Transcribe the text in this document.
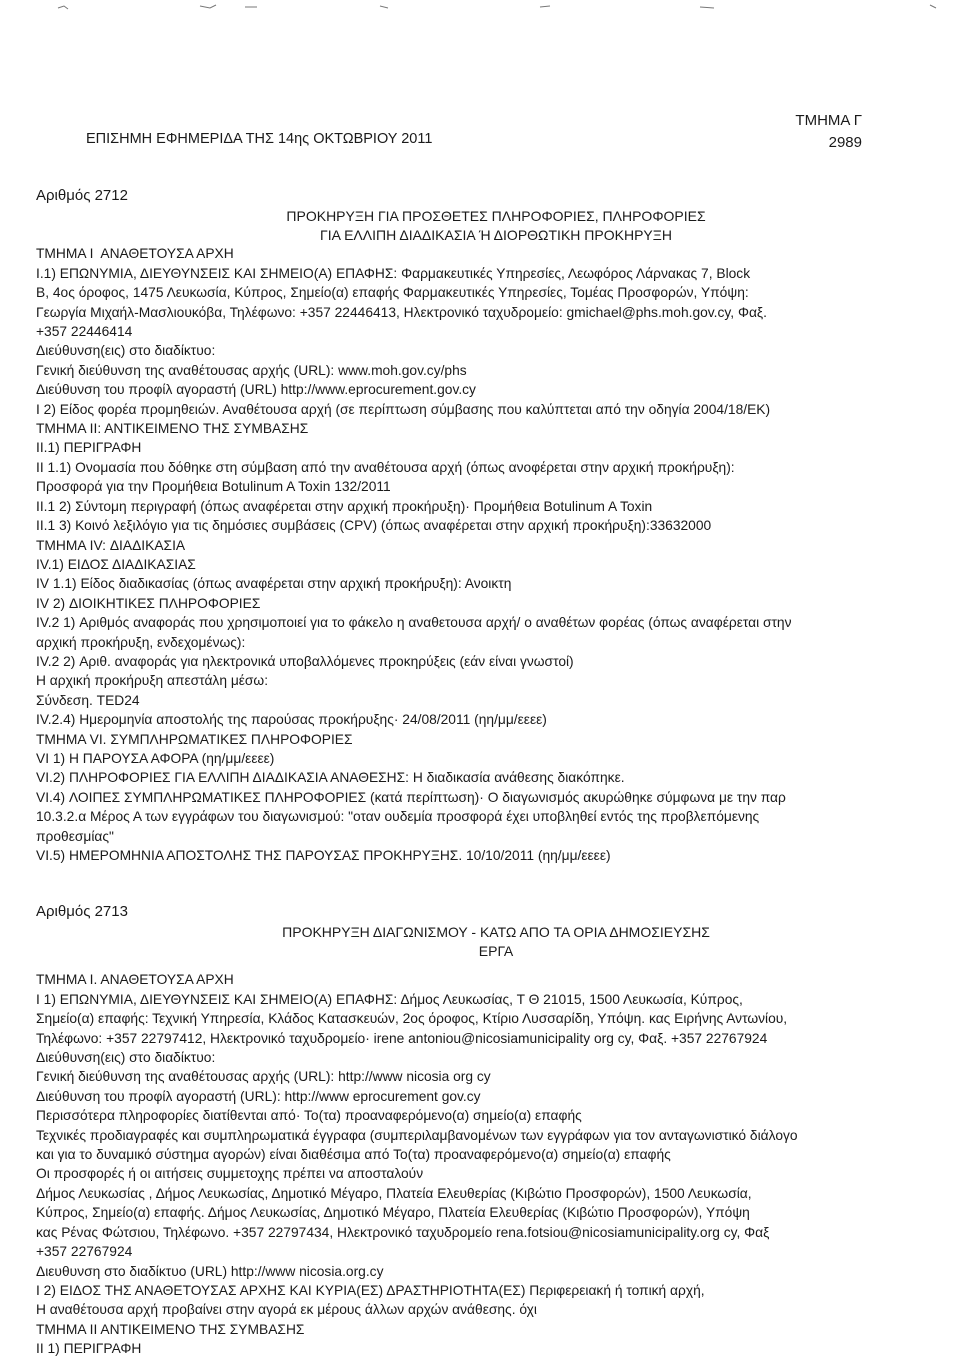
ΤΜΗΜΑ Γ
2989
ΕΠΙΣΗΜΗ ΕΦΗΜΕΡΙΔΑ ΤΗΣ 14ης ΟΚΤΩΒΡΙΟΥ 2011

Αριθμός 2712

ΠΡΟΚΗΡΥΞΗ ΓΙΑ ΠΡΟΣΘΕΤΕΣ ΠΛΗΡΟΦΟΡΙΕΣ, ΠΛΗΡΟΦΟΡΙΕΣ

ΓΙΑ ΕΛΛΙΠΗ ΔΙΑΔΙΚΑΣΙΑ Ή ΔΙΟΡΘΩΤΙΚΗ ΠΡΟΚΗΡΥΞΗ

ΤΜΗΜΑ Ι  ΑΝΑΘΕΤΟΥΣΑ ΑΡΧΗ

Ι.1) ΕΠΩΝΥΜΙΑ, ΔΙΕΥΘΥΝΣΕΙΣ ΚΑΙ ΣΗΜΕΙΟ(Α) ΕΠΑΦΗΣ: Φαρμακευτικές Υπηρεσίες, Λεωφόρος Λάρνακας 7, Block

B, 4ος όροφος, 1475 Λευκωσία, Κύπρος, Σημείο(α) επαφής Φαρμακευτικές Υπηρεσίες, Τομέας Προσφορών, Υπόψη:

Γεωργία Μιχαήλ-Μασλιουκόβα, Τηλέφωνο: +357 22446413, Ηλεκτρονικό ταχυδρομείο: gmichael@phs.moh.gov.cy, Φαξ.

+357 22446414

Διεύθυνση(εις) στο διαδίκτυο:

Γενική διεύθυνση της αναθέτουσας αρχής (URL): www.moh.gov.cy/phs

Διεύθυνση του προφίλ αγοραστή (URL) http://www.eprocurement.gov.cy

Ι 2) Είδος φορέα προμηθειών. Αναθέτουσα αρχή (σε περίπτωση σύμβασης που καλύπτεται από την οδηγία 2004/18/ΕΚ)

ΤΜΗΜΑ ΙΙ: ΑΝΤΙΚΕΙΜΕΝΟ ΤΗΣ ΣΥΜΒΑΣΗΣ

ΙΙ.1) ΠΕΡΙΓΡΑΦΗ

ΙΙ 1.1) Ονομασία που δόθηκε στη σύμβαση από την αναθέτουσα αρχή (όπως ανοφέρεται στην αρχική προκήρυξη):

Προσφορά για την Προμήθεια Botulinum A Toxin 132/2011

ΙΙ.1 2) Σύντομη περιγραφή (όπως αναφέρεται στην αρχική προκήρυξη)· Προμήθεια Botulinum A Toxin

ΙΙ.1 3) Κοινό λεξιλόγιο για τις δημόσιες συμβάσεις (CPV) (όπως αναφέρεται στην αρχική προκήρυξη):33632000

ΤΜΗΜΑ ΙV: ΔΙΑΔΙΚΑΣΙΑ

ΙV.1) ΕΙΔΟΣ ΔΙΑΔΙΚΑΣΙΑΣ

ΙV 1.1) Είδος διαδικασίας (όπως αναφέρεται στην αρχική προκήρυξη): Ανοικτη

ΙV 2) ΔΙΟΙΚΗΤΙΚΕΣ ΠΛΗΡΟΦΟΡΙΕΣ

ΙV.2 1) Αριθμός αναφοράς που χρησιμοποιεί για το φάκελο η αναθετουσα αρχή/ ο αναθέτων φορέας (όπως αναφέρεται στην

αρχική προκήρυξη, ενδεχομένως):

ΙV.2 2) Αριθ. αναφοράς για ηλεκτρονικά υποβαλλόμενες προκηρύξεις (εάν είναι γνωστοί)

Η αρχική προκήρυξη απεστάλη μέσω:

Σύνδεση. TED24

ΙV.2.4) Ημερομηνία αποστολής της παρούσας προκήρυξης· 24/08/2011 (ηη/μμ/εεεε)

ΤΜΗΜΑ VI. ΣΥΜΠΛΗΡΩΜΑΤΙΚΕΣ ΠΛΗΡΟΦΟΡΙΕΣ

VI 1) Η ΠΑΡΟΥΣΑ ΑΦΟΡΑ (ηη/μμ/εεεε)

VI.2) ΠΛΗΡΟΦΟΡΙΕΣ ΓΙΑ ΕΛΛΙΠΗ ΔΙΑΔΙΚΑΣΙΑ ΑΝΑΘΕΣΗΣ: Η διαδικασία ανάθεσης διακόπηκε.

VI.4) ΛΟΙΠΕΣ ΣΥΜΠΛΗΡΩΜΑΤΙΚΕΣ ΠΛΗΡΟΦΟΡΙΕΣ (κατά περίπτωση)· Ο διαγωνισμός ακυρώθηκε σύμφωνα με την παρ

10.3.2.α Μέρος Α των εγγράφων του διαγωνισμού: "οταν ουδεμία προσφορά έχει υποβληθεί εντός της προβλεπόμενης

προθεσμίας"

VI.5) ΗΜΕΡΟΜΗΝΙΑ ΑΠΟΣΤΟΛΗΣ ΤΗΣ ΠΑΡΟΥΣΑΣ ΠΡΟΚΗΡΥΞΗΣ. 10/10/2011 (ηη/μμ/εεεε)

Αριθμός 2713

ΠΡΟΚΗΡΥΞΗ ΔΙΑΓΩΝΙΣΜΟΥ - ΚΑΤΩ ΑΠΟ ΤΑ ΟΡΙΑ ΔΗΜΟΣΙΕΥΣΗΣ

ΕΡΓΑ

ΤΜΗΜΑ Ι. ΑΝΑΘΕΤΟΥΣΑ ΑΡΧΗ

Ι 1) ΕΠΩΝΥΜΙΑ, ΔΙΕΥΘΥΝΣΕΙΣ ΚΑΙ ΣΗΜΕΙΟ(Α) ΕΠΑΦΗΣ: Δήμος Λευκωσίας, Τ Θ 21015, 1500 Λευκωσία, Κύπρος,

Σημείο(α) επαφής: Τεχνική Υπηρεσία, Κλάδος Κατασκευών, 2ος όροφος, Κτίριο Λυσσαρίδη, Υπόψη. κας Ειρήνης Αντωνίου,

Τηλέφωνο: +357 22797412, Ηλεκτρονικό ταχυδρομείο· irene antoniou@nicosiamunicipality org cy, Φαξ. +357 22767924

Διεύθυνση(εις) στο διαδίκτυο:

Γενική διεύθυνση της αναθέτουσας αρχής (URL): http://www nicosia org cy

Διεύθυνση του προφίλ αγοραστή (URL): http://www eprocurement gov.cy

Περισσότερα πληροφορίες διατίθενται από· Το(τα) προαναφερόμενο(α) σημείο(α) επαφής

Τεχνικές προδιαγραφές και συμπληρωματικά έγγραφα (συμπεριλαμβανομένων των εγγράφων για τον ανταγωνιστικό διάλογο

και για το δυναμικό σύστημα αγορών) είναι διαθέσιμα από Το(τα) προαναφερόμενο(α) σημείο(α) επαφής

Οι προσφορές ή οι αιτήσεις συμμετοχης πρέπει να αποσταλούν

Δήμος Λευκωσίας , Δήμος Λευκωσίας, Δημοτικό Μέγαρο, Πλατεία Ελευθερίας (Κιβώτιο Προσφορών), 1500 Λευκωσία,

Κύπρος, Σημείο(α) επαφής. Δήμος Λευκωσίας, Δημοτικό Μέγαρο, Πλατεία Ελευθερίας (Κιβώτιο Προσφορών), Υπόψη

κας Ρένας Φώτσιου, Τηλέφωνο. +357 22797434, Ηλεκτρονικό ταχυδρομείο rena.fotsiou@nicosiamunicipality.org cy, Φαξ

+357 22767924

Διευθυνση στο διαδίκτυο (URL) http://www nicosia.org.cy

Ι 2) ΕΙΔΟΣ ΤΗΣ ΑΝΑΘΕΤΟΥΣΑΣ ΑΡΧΗΣ ΚΑΙ ΚΥΡΙΑ(ΕΣ) ΔΡΑΣΤΗΡΙΟΤΗΤΑ(ΕΣ) Περιφερειακή ή τοπική αρχή,

Η αναθέτουσα αρχή προβαίνει στην αγορά εκ μέρους άλλων αρχών ανάθεσης. όχι

ΤΜΗΜΑ ΙΙ ΑΝΤΙΚΕΙΜΕΝΟ ΤΗΣ ΣΥΜΒΑΣΗΣ

ΙΙ 1) ΠΕΡΙΓΡΑΦΗ
